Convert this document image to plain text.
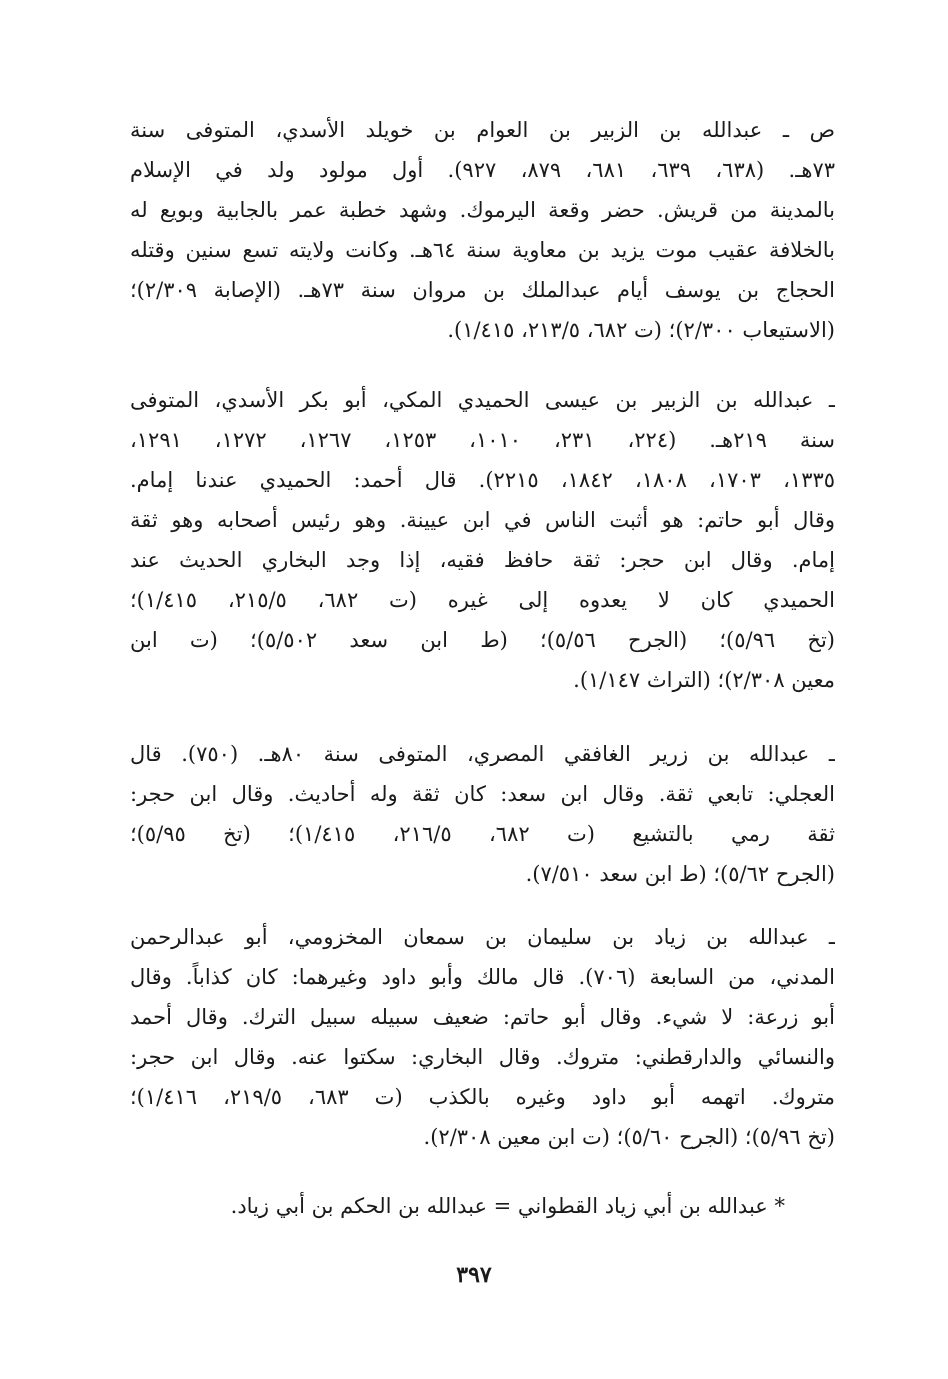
ص ـ عبدالله بن الزبير بن العوام بن خويلد الأسدي، المتوفى سنة
٧٣هـ. (٦٣٨، ٦٣٩، ٦٨١، ٨٧٩، ٩٢٧). أول مولود ولد في الإسلام
بالمدينة من قريش. حضر وقعة اليرموك. وشهد خطبة عمر بالجابية وبويع له
بالخلافة عقيب موت يزيد بن معاوية سنة ٦٤هـ. وكانت ولايته تسع سنين وقتله
الحجاج بن يوسف أيام عبدالملك بن مروان سنة ٧٣هـ. (الإصابة ٢/٣٠٩)؛
(الاستيعاب ٢/٣٠٠)؛ (ت ٦٨٢، ٢١٣/٥، ١/٤١٥).
ـ عبدالله بن الزبير بن عيسى الحميدي المكي، أبو بكر الأسدي، المتوفى
سنة ٢١٩هـ. (٢٢٤، ٢٣١، ١٠١٠، ١٢٥٣، ١٢٦٧، ١٢٧٢، ١٢٩١،
١٣٣٥، ١٧٠٣، ١٨٠٨، ١٨٤٢، ٢٢١٥). قال أحمد: الحميدي عندنا إمام.
وقال أبو حاتم: هو أثبت الناس في ابن عيينة. وهو رئيس أصحابه وهو ثقة
إمام. وقال ابن حجر: ثقة حافظ فقيه، إذا وجد البخاري الحديث عند
الحميدي كان لا يعدوه إلى غيره (ت ٦٨٢، ٢١٥/٥، ١/٤١٥)؛
(تخ ٥/٩٦)؛ (الجرح ٥/٥٦)؛ (ط ابن سعد ٥/٥٠٢)؛ (ت ابن
معين ٢/٣٠٨)؛ (التراث ١/١٤٧).
ـ عبدالله بن زرير الغافقي المصري، المتوفى سنة ٨٠هـ. (٧٥٠). قال
العجلي: تابعي ثقة. وقال ابن سعد: كان ثقة وله أحاديث. وقال ابن حجر:
ثقة رمي بالتشيع (ت ٦٨٢، ٢١٦/٥، ١/٤١٥)؛ (تخ ٥/٩٥)؛
(الجرح ٥/٦٢)؛ (ط ابن سعد ٧/٥١٠).
ـ عبدالله بن زياد بن سليمان بن سمعان المخزومي، أبو عبدالرحمن
المدني، من السابعة (٧٠٦). قال مالك وأبو داود وغيرهما: كان كذاباً. وقال
أبو زرعة: لا شيء. وقال أبو حاتم: ضعيف سبيله سبيل الترك. وقال أحمد
والنسائي والدارقطني: متروك. وقال البخاري: سكتوا عنه. وقال ابن حجر:
متروك. اتهمه أبو داود وغيره بالكذب (ت ٦٨٣، ٢١٩/٥، ١/٤١٦)؛
(تخ ٥/٩٦)؛ (الجرح ٥/٦٠)؛ (ت ابن معين ٢/٣٠٨).
* عبدالله بن أبي زياد القطواني = عبدالله بن الحكم بن أبي زياد.
٣٩٧
